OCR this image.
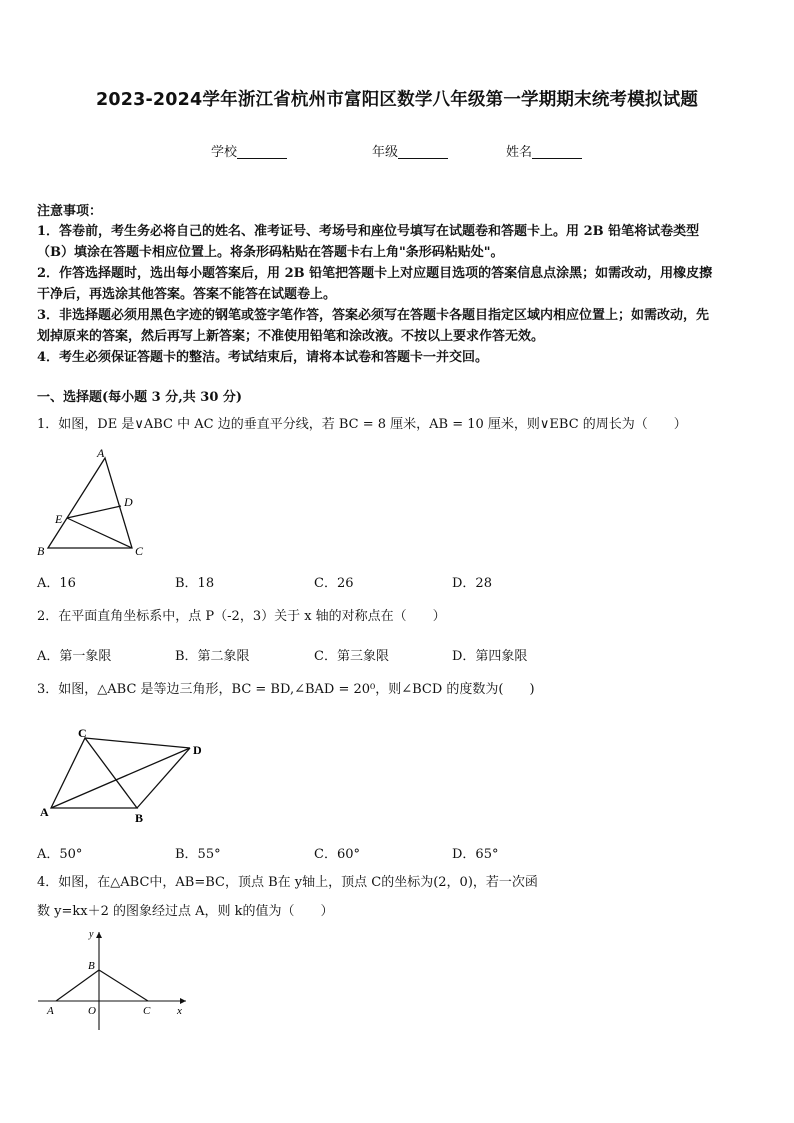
2023-2024学年浙江省杭州市富阳区数学八年级第一学期期末统考模拟试题
学校	年级	姓名
注意事项：
1．答卷前，考生务必将自己的姓名、准考证号、考场号和座位号填写在试题卷和答题卡上。用 2B 铅笔将试卷类型
（B）填涂在答题卡相应位置上。将条形码粘贴在答题卡右上角"条形码粘贴处"。
2．作答选择题时，选出每小题答案后，用 2B 铅笔把答题卡上对应题目选项的答案信息点涂黑；如需改动，用橡皮擦
干净后，再选涂其他答案。答案不能答在试题卷上。
3．非选择题必须用黑色字迹的钢笔或签字笔作答，答案必须写在答题卡各题目指定区域内相应位置上；如需改动，先
划掉原来的答案，然后再写上新答案；不准使用铅笔和涂改液。不按以上要求作答无效。
4．考生必须保证答题卡的整洁。考试结束后，请将本试卷和答题卡一并交回。
一、选择题(每小题 3 分,共 30 分)
1．如图，DE 是∨ABC 中 AC 边的垂直平分线，若 BC = 8 厘米，AB = 10 厘米，则∨EBC 的周长为（　　）
A
D
E
B	C
A．16	B．18	C．26	D．28
2．在平面直角坐标系中，点 P（-2，3）关于 x 轴的对称点在（　　）
A．第一象限	B．第二象限	C．第三象限	D．第四象限
3．如图，△ABC 是等边三角形，BC = BD,∠BAD = 20⁰，则∠BCD 的度数为(　　)
C
D
A	B
A．50°	B．55°	C．60°	D．65°
4．如图，在△ABC中，AB=BC，顶点 B在 y轴上，顶点 C的坐标为(2，0)，若一次函
数 y=kx＋2 的图象经过点 A，则 k的值为（　　）
y
B
A	O	C x
